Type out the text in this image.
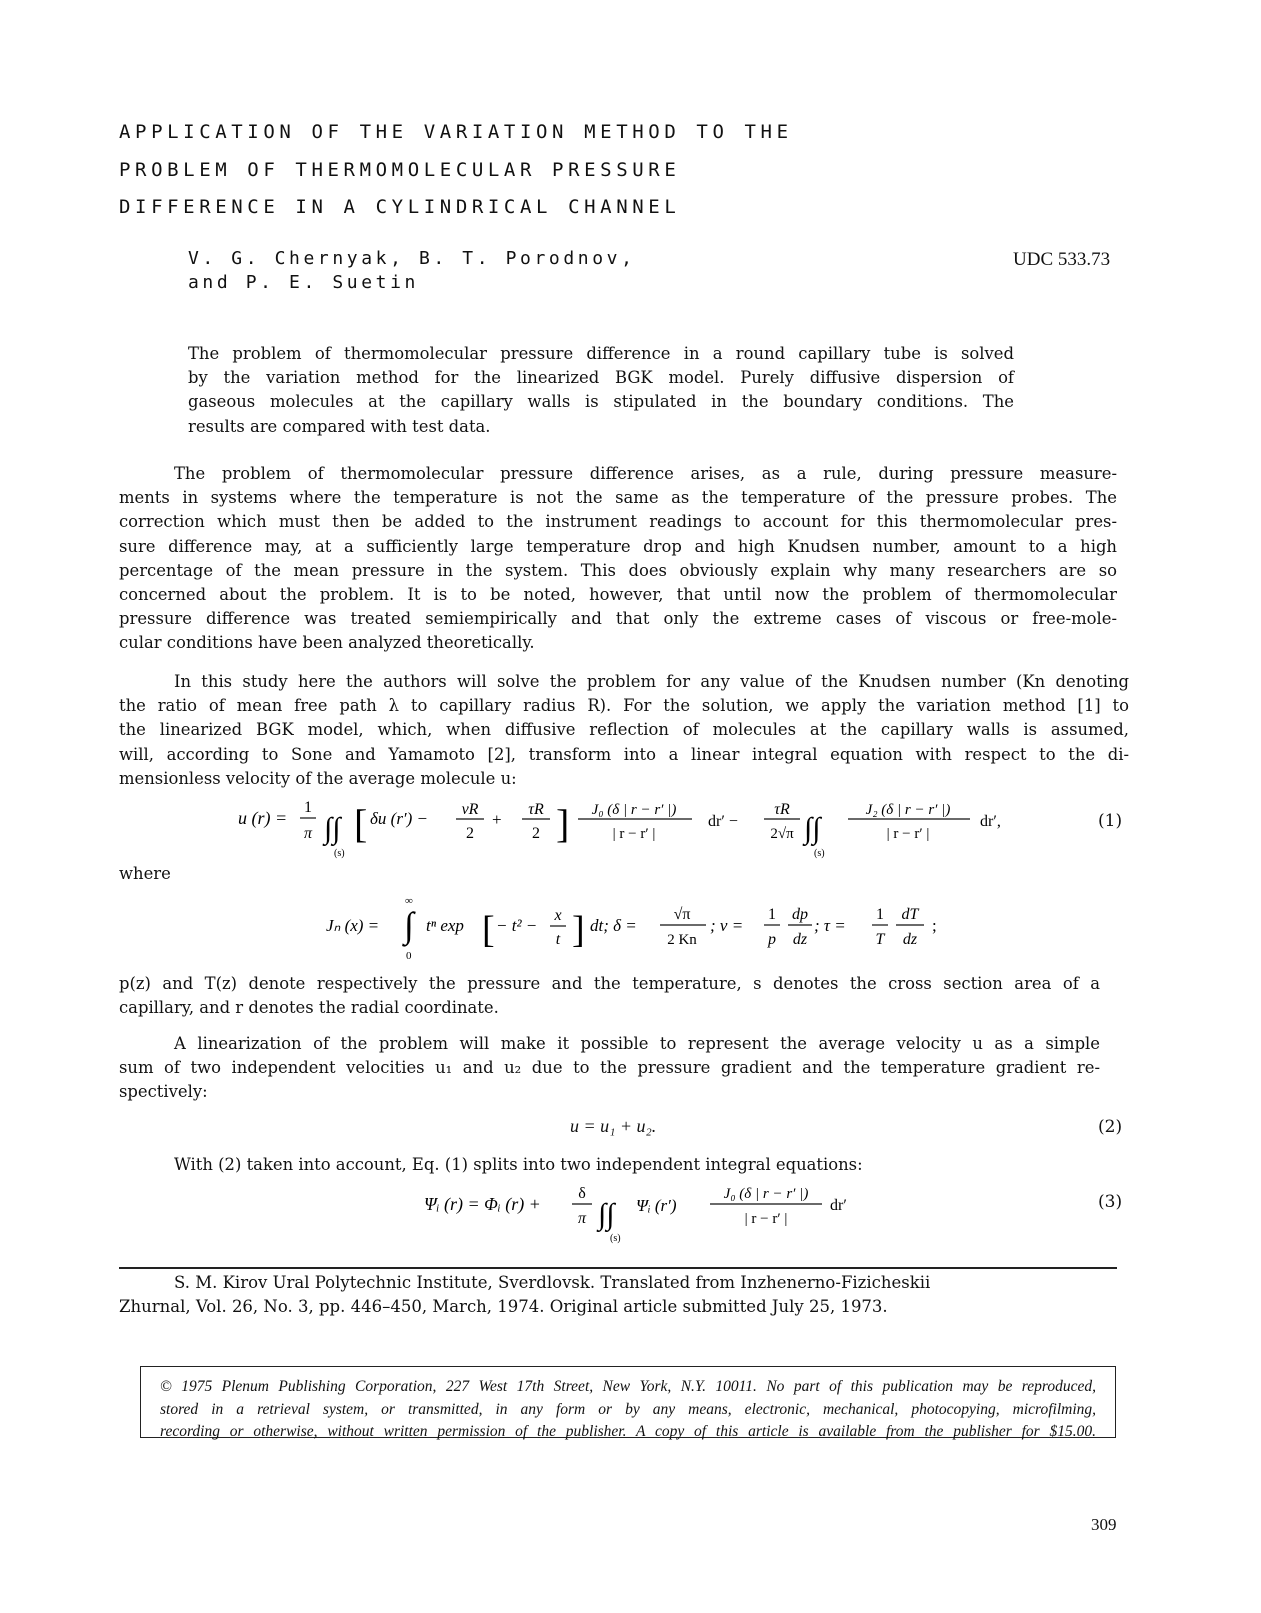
APPLICATION OF THE VARIATION METHOD TO THE
PROBLEM OF THERMOMOLECULAR PRESSURE
DIFFERENCE IN A CYLINDRICAL CHANNEL
V. G. Chernyak, B. T. Porodnov,
and P. E. Suetin
UDC 533.73
The problem of thermomolecular pressure difference in a round capillary tube is solved
by the variation method for the linearized BGK model. Purely diffusive dispersion of
gaseous molecules at the capillary walls is stipulated in the boundary conditions. The
results are compared with test data.
The problem of thermomolecular pressure difference arises, as a rule, during pressure measure-
ments in systems where the temperature is not the same as the temperature of the pressure probes. The
correction which must then be added to the instrument readings to account for this thermomolecular pres-
sure difference may, at a sufficiently large temperature drop and high Knudsen number, amount to a high
percentage of the mean pressure in the system. This does obviously explain why many researchers are so
concerned about the problem. It is to be noted, however, that until now the problem of thermomolecular
pressure difference was treated semiempirically and that only the extreme cases of viscous or free-mole-
cular conditions have been analyzed theoretically.
In this study here the authors will solve the problem for any value of the Knudsen number (Kn denoting
the ratio of mean free path λ to capillary radius R). For the solution, we apply the variation method [1] to
the linearized BGK model, which, when diffusive reflection of molecules at the capillary walls is assumed,
will, according to Sone and Yamamoto [2], transform into a linear integral equation with respect to the di-
mensionless velocity of the average molecule u:
u (r) =
1
π ∫∫
(s)
[ δu (r′) − νR
2
+
τR
2 ] J₀ (δ | r − r′ |)
| r − r′ |
dr′ −
τR
2√π ∫∫
(s)
J₂ (δ | r − r′ |)
| r − r′ |
dr′,	(1)
where
Jₙ (x) = ∫
∞
0
tⁿ exp [ − t² −
x
t ] dt; δ =
√π
2 Kn
; ν =
1
p
dp
dz
; τ =
1
T
dT
dz
;
p(z) and T(z) denote respectively the pressure and the temperature, s denotes the cross section area of a
capillary, and r denotes the radial coordinate.
A linearization of the problem will make it possible to represent the average velocity u as a simple
sum of two independent velocities u₁ and u₂ due to the pressure gradient and the temperature gradient re-
spectively:
u = u₁ + u₂.	(2)
With (2) taken into account, Eq. (1) splits into two independent integral equations:
Ψᵢ (r) = Φᵢ (r) +
δ
π ∫∫
(s)
Ψᵢ (r′)
J₀ (δ | r − r′ |)
| r − r′ |
dr′	(3)
S. M. Kirov Ural Polytechnic Institute, Sverdlovsk. Translated from Inzhenerno-Fizicheskii
Zhurnal, Vol. 26, No. 3, pp. 446–450, March, 1974. Original article submitted July 25, 1973.
© 1975 Plenum Publishing Corporation, 227 West 17th Street, New York, N.Y. 10011. No part of this publication may be reproduced,
stored in a retrieval system, or transmitted, in any form or by any means, electronic, mechanical, photocopying, microfilming,
recording or otherwise, without written permission of the publisher. A copy of this article is available from the publisher for $15.00.
309
